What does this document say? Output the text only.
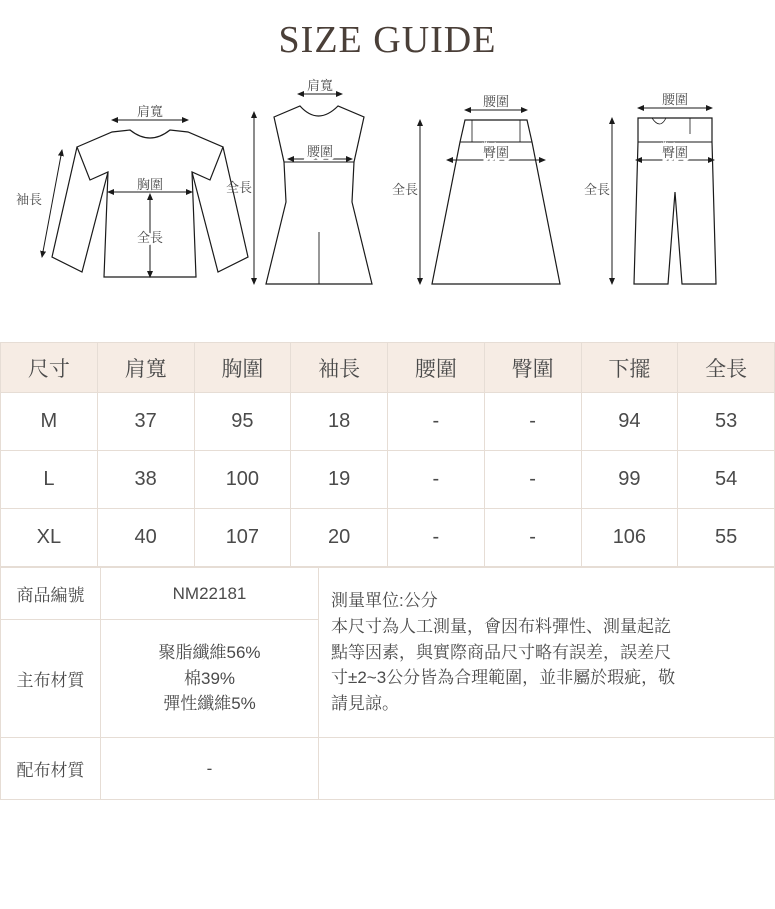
SIZE GUIDE
肩寬
袖長
胸圍
全長
肩寬
腰圍
全長
腰圍
臀圍
全長
腰圍
臀圍
全長
尺寸	肩寬	胸圍	袖長	腰圍	臀圍	下擺	全長
M	37	95	18	-	-	94	53
L	38	100	19	-	-	99	54
XL	40	107	20	-	-	106	55
商品編號	NM22181	測量單位:公分
本尺寸為人工測量，會因布料彈性、測量起訖
點等因素，與實際商品尺寸略有誤差，誤差尺
寸±2~3公分皆為合理範圍，並非屬於瑕疵，敬
請見諒。

主布材質	聚脂纖維56%
棉39%
彈性纖維5%	

配布材質	-	
